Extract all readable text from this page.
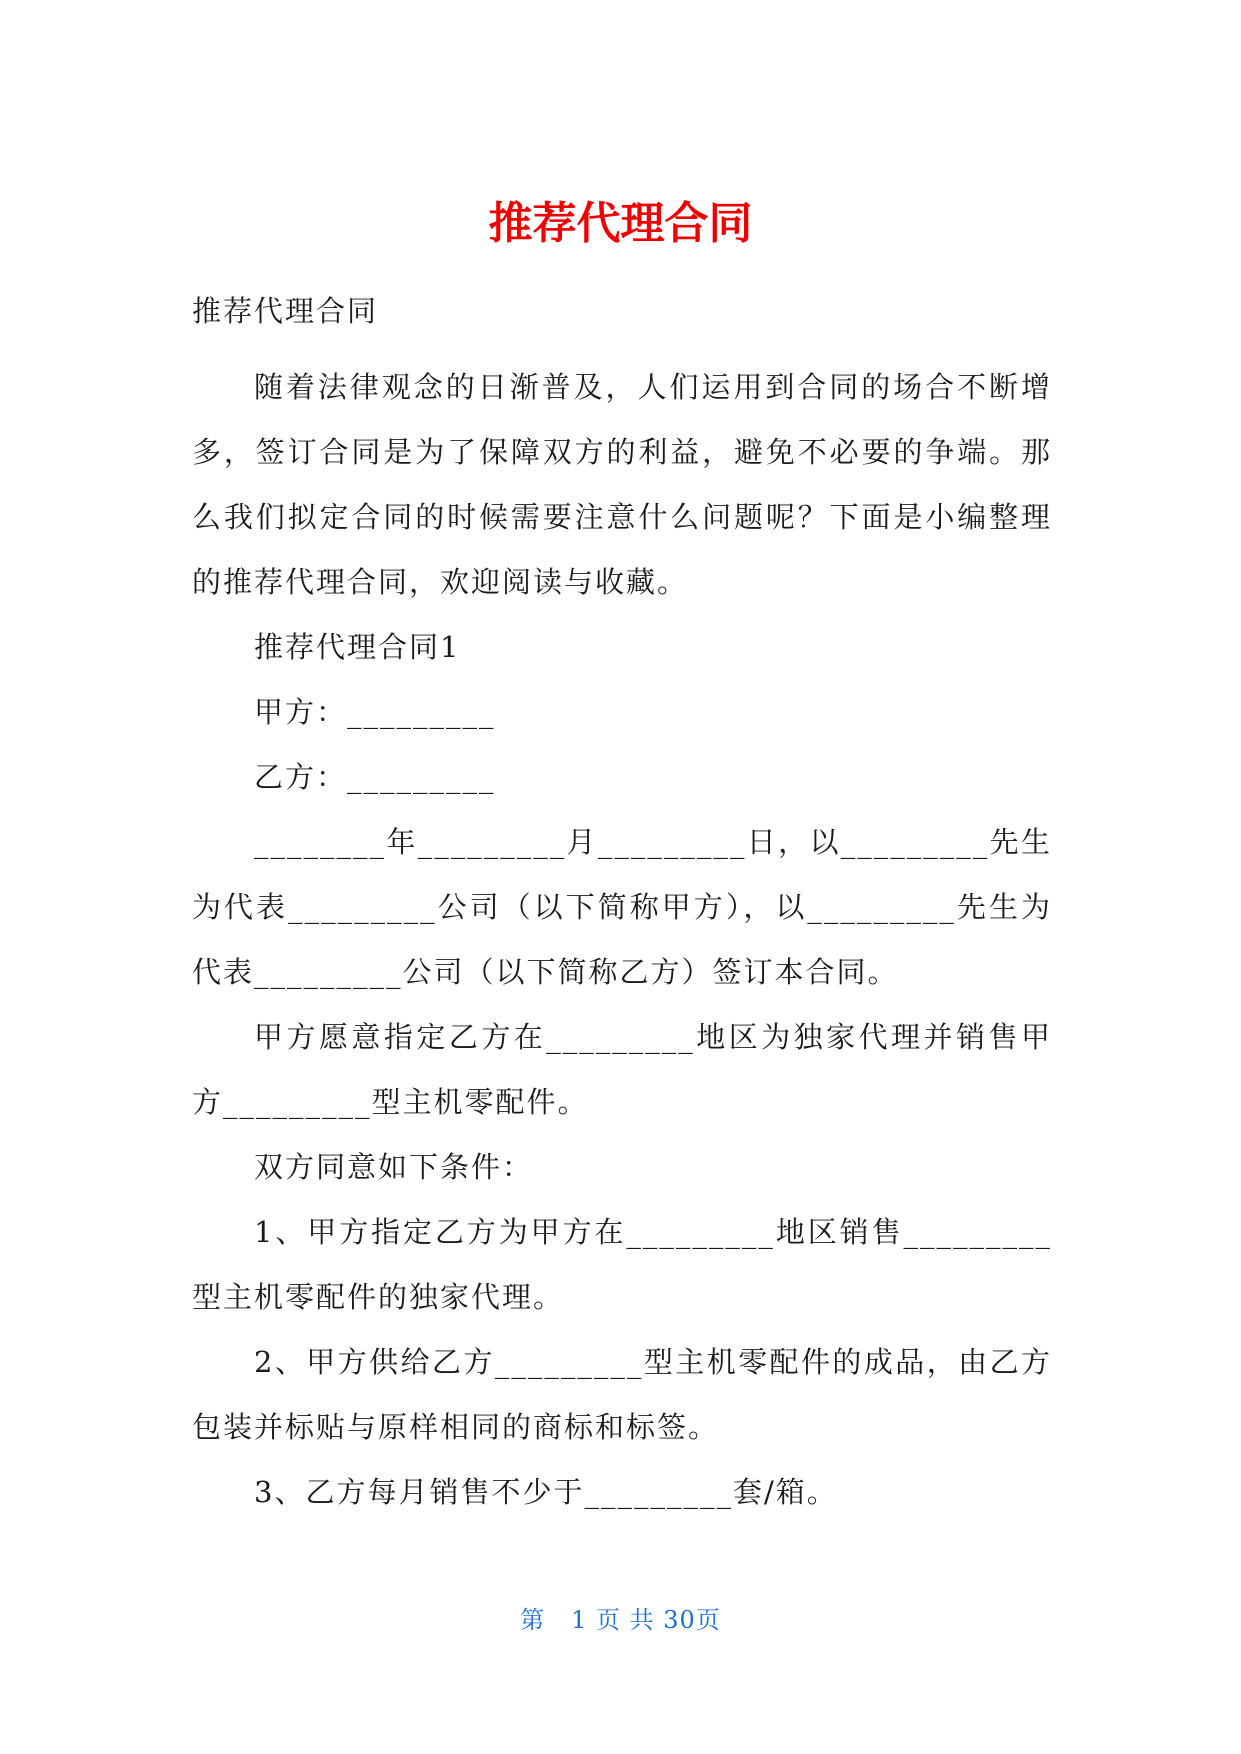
推荐代理合同

推荐代理合同

随着法律观念的日渐普及，人们运用到合同的场合不断增多，签订合同是为了保障双方的利益，避免不必要的争端。那么我们拟定合同的时候需要注意什么问题呢？下面是小编整理的推荐代理合同，欢迎阅读与收藏。

推荐代理合同1

甲方：_________

乙方：_________

________年_________月_________日，以_________先生为代表_________公司（以下简称甲方），以_________先生为代表_________公司（以下简称乙方）签订本合同。

甲方愿意指定乙方在_________地区为独家代理并销售甲方_________型主机零配件。

双方同意如下条件：

1、甲方指定乙方为甲方在_________地区销售_________型主机零配件的独家代理。

2、甲方供给乙方_________型主机零配件的成品，由乙方包装并标贴与原样相同的商标和标签。

3、乙方每月销售不少于_________套/箱。

第 1 页 共 30页
